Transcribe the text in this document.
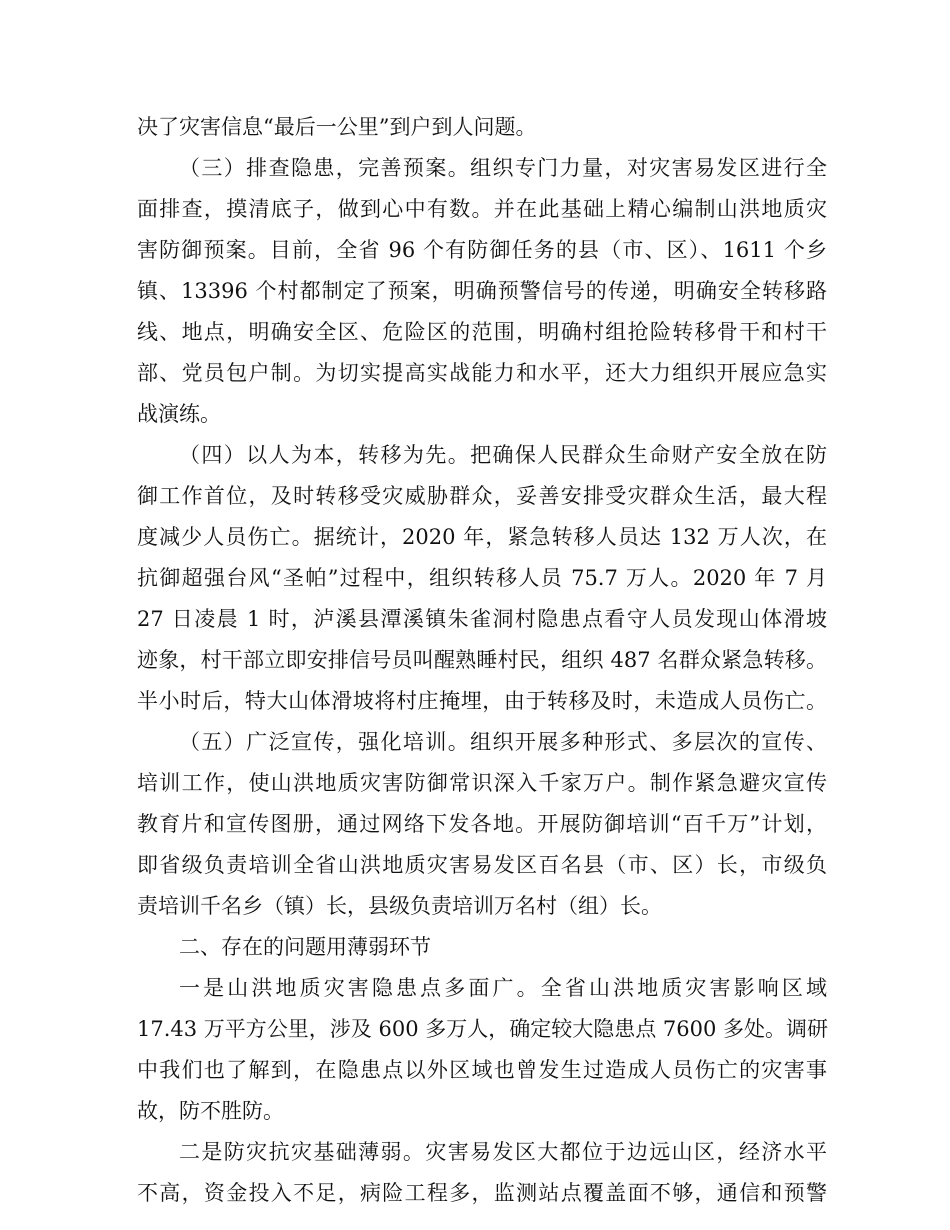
决了灾害信息“最后一公里”到户到人问题。
（三）排查隐患，完善预案。组织专门力量，对灾害易发区进行全
面排查，摸清底子，做到心中有数。并在此基础上精心编制山洪地质灾
害防御预案。目前，全省 96 个有防御任务的县（市、区）、1611 个乡
镇、13396 个村都制定了预案，明确预警信号的传递，明确安全转移路
线、地点，明确安全区、危险区的范围，明确村组抢险转移骨干和村干
部、党员包户制。为切实提高实战能力和水平，还大力组织开展应急实
战演练。
（四）以人为本，转移为先。把确保人民群众生命财产安全放在防
御工作首位，及时转移受灾威胁群众，妥善安排受灾群众生活，最大程
度减少人员伤亡。据统计，2020 年，紧急转移人员达 132 万人次，在
抗御超强台风“圣帕”过程中，组织转移人员 75.7 万人。2020 年 7 月
27 日凌晨 1 时，泸溪县潭溪镇朱雀洞村隐患点看守人员发现山体滑坡
迹象，村干部立即安排信号员叫醒熟睡村民，组织 487 名群众紧急转移。
半小时后，特大山体滑坡将村庄掩埋，由于转移及时，未造成人员伤亡。
（五）广泛宣传，强化培训。组织开展多种形式、多层次的宣传、
培训工作，使山洪地质灾害防御常识深入千家万户。制作紧急避灾宣传
教育片和宣传图册，通过网络下发各地。开展防御培训“百千万”计划，
即省级负责培训全省山洪地质灾害易发区百名县（市、区）长，市级负
责培训千名乡（镇）长，县级负责培训万名村（组）长。
二、存在的问题用薄弱环节
一是山洪地质灾害隐患点多面广。全省山洪地质灾害影响区域
17.43 万平方公里，涉及 600 多万人，确定较大隐患点 7600 多处。调研
中我们也了解到，在隐患点以外区域也曾发生过造成人员伤亡的灾害事
故，防不胜防。
二是防灾抗灾基础薄弱。灾害易发区大都位于边远山区，经济水平
不高，资金投入不足，病险工程多，监测站点覆盖面不够，通信和预警
